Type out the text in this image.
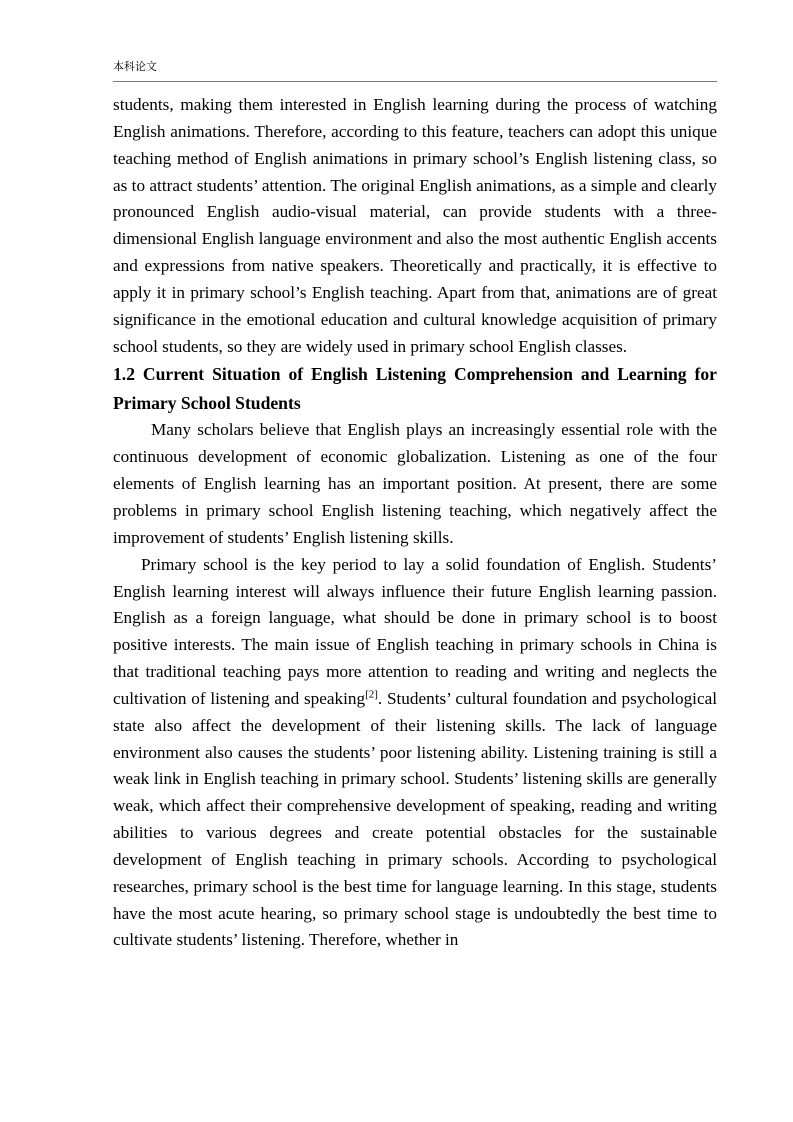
本科论文

students, making them interested in English learning during the process of watching English animations. Therefore, according to this feature, teachers can adopt this unique teaching method of English animations in primary school’s English listening class, so as to attract students’ attention. The original English animations, as a simple and clearly pronounced English audio-visual material, can provide students with a three-dimensional English language environment and also the most authentic English accents and expressions from native speakers. Theoretically and practically, it is effective to apply it in primary school’s English teaching. Apart from that, animations are of great significance in the emotional education and cultural knowledge acquisition of primary school students, so they are widely used in primary school English classes.

1.2 Current Situation of English Listening Comprehension and Learning for Primary School Students

Many scholars believe that English plays an increasingly essential role with the continuous development of economic globalization. Listening as one of the four elements of English learning has an important position. At present, there are some problems in primary school English listening teaching, which negatively affect the improvement of students’ English listening skills.

Primary school is the key period to lay a solid foundation of English. Students’ English learning interest will always influence their future English learning passion. English as a foreign language, what should be done in primary school is to boost positive interests. The main issue of English teaching in primary schools in China is that traditional teaching pays more attention to reading and writing and neglects the cultivation of listening and speaking[2]. Students’ cultural foundation and psychological state also affect the development of their listening skills. The lack of language environment also causes the students’ poor listening ability. Listening training is still a weak link in English teaching in primary school. Students’ listening skills are generally weak, which affect their comprehensive development of speaking, reading and writing abilities to various degrees and create potential obstacles for the sustainable development of English teaching in primary schools. According to psychological researches, primary school is the best time for language learning. In this stage, students have the most acute hearing, so primary school stage is undoubtedly the best time to cultivate students’ listening. Therefore, whether in
